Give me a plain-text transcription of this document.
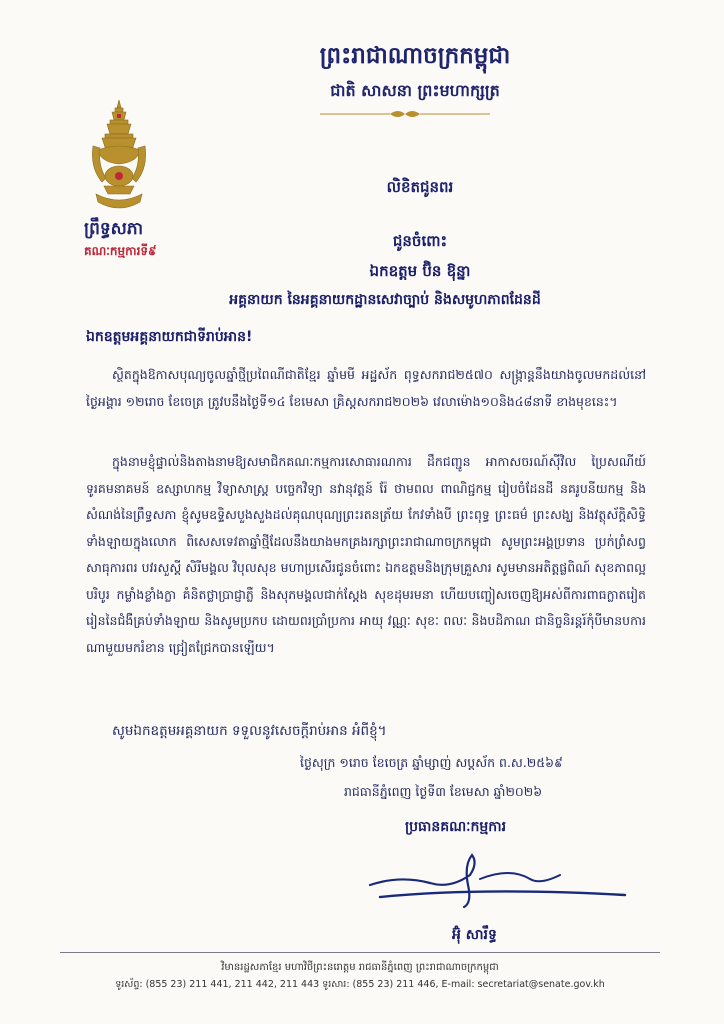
ព្រះរាជាណាចក្រកម្ពុជា
ជាតិ សាសនា ព្រះមហាក្សត្រ
ព្រឹទ្ធសភា
គណៈកម្មការទី៩
លិខិតជូនពរ
ជូនចំពោះ
ឯកឧត្តម ប៊ិន ឱុន្នា
អគ្គនាយក នៃអគ្គនាយកដ្ឋានសេវាច្បាប់ និងសមូហភាពដែនដី
ឯកឧត្តមអគ្គនាយកជាទីរាប់អាន!
ស្ថិតក្នុងឱកាសបុណ្យចូលឆ្នាំថ្មីប្រពៃណីជាតិខ្មែរ ឆ្នាំមមី អដ្ឋស័ក ពុទ្ធសករាជ២៥៧០ សង្ក្រាន្តនឹងយាងចូលមកដល់នៅថ្ងៃអង្គារ ១២រោច ខែចេត្រ ត្រូវបនឹងថ្ងៃទី១៤ ខែមេសា គ្រិស្តសករាជ២០២៦ វេលាម៉ោង១០និង៤៨នាទី ខាងមុខនេះ។
ក្នុងនាមខ្ញុំផ្ទាល់និងតាងនាមឱ្យសមាជិកគណៈកម្មការសោធារណការ ដឹកជញ្ជូន អាកាសចរណ៍ស៊ីវិល ប្រៃសណីយ៍ ទូរគមនាគមន៍ ឧស្សាហកម្ម វិទ្យាសាស្ត្រ បច្ចេកវិទ្យា នវានុវត្តន៍ រ៉ែ ថាមពល ពាណិជ្ជកម្ម រៀបចំដែនដី នគរូបនីយកម្ម និងសំណង់នៃព្រឹទ្ធសភា ខ្ញុំសូមឧទ្ទិសបួងសួងដល់គុណបុណ្យព្រះរតនត្រ័យ កែវទាំងបី ព្រះពុទ្ធ ព្រះធម៌ ព្រះសង្ឃ និងវត្ថុស័ក្តិសិទ្ធិទាំងឡាយក្នុងលោក ពិសេសទេវតាឆ្នាំថ្មីដែលនឹងយាងមកគ្រងរក្សាព្រះរាជាណាចក្រកម្ពុជា សូមព្រះអង្គប្រទាន ប្រក់ព្រំសព្វសាធុការពរ បវរសួស្តី សិរីមង្គល វិបុលសុខ មហាប្រសើរជូនចំពោះ ឯកឧត្តមនិងក្រុមគ្រួសារ សូមមានអតិត្តផ្លពិណ៍ សុខភាពល្អបរិបូរ កម្លាំងខ្លាំងក្លា គំនិតថ្លាប្រាជ្ញាភ្លឺ និងសុភមង្គលជាក់ស្តែង សុខដុមរមនា ហើយបញ្ចៀសចេញឱ្យអស់ពីការពាធក្លាតរៀតរៀននៃជំងឺគ្រប់ទាំងឡាយ និងសូមប្រកប ដោយពរប្រាំប្រការ អាយុ វណ្ណៈ សុខៈ ពលៈ និងបដិភាណ ជានិច្ចនិរន្តរ៍កុំបីមានបការណាមួយមករំខាន ជ្រៀតជ្រែកបានឡើយ។
សូមឯកឧត្តមអគ្គនាយក ទទួលនូវសេចក្តីរាប់អាន អំពីខ្ញុំ។
ថ្ងៃសុក្រ ១រោច ខែចេត្រ ឆ្នាំម្សាញ់ សប្តស័ក ព.ស.២៥៦៩
រាជធានីភ្នំពេញ ថ្ងៃទី៣ ខែមេសា ឆ្នាំ២០២៦
ប្រធានគណៈកម្មការ
អ៊ុំ សារឹទ្ធ
វិមានរដ្ឋសភាខ្មែរ មហាវិថីព្រះនរោត្តម រាជធានីភ្នំពេញ ព្រះរាជាណាចក្រកម្ពុជា
ទូរស័ព្ទ: (855 23) 211 441, 211 442, 211 443 ទូរសារ: (855 23) 211 446, E-mail: secretariat@senate.gov.kh
